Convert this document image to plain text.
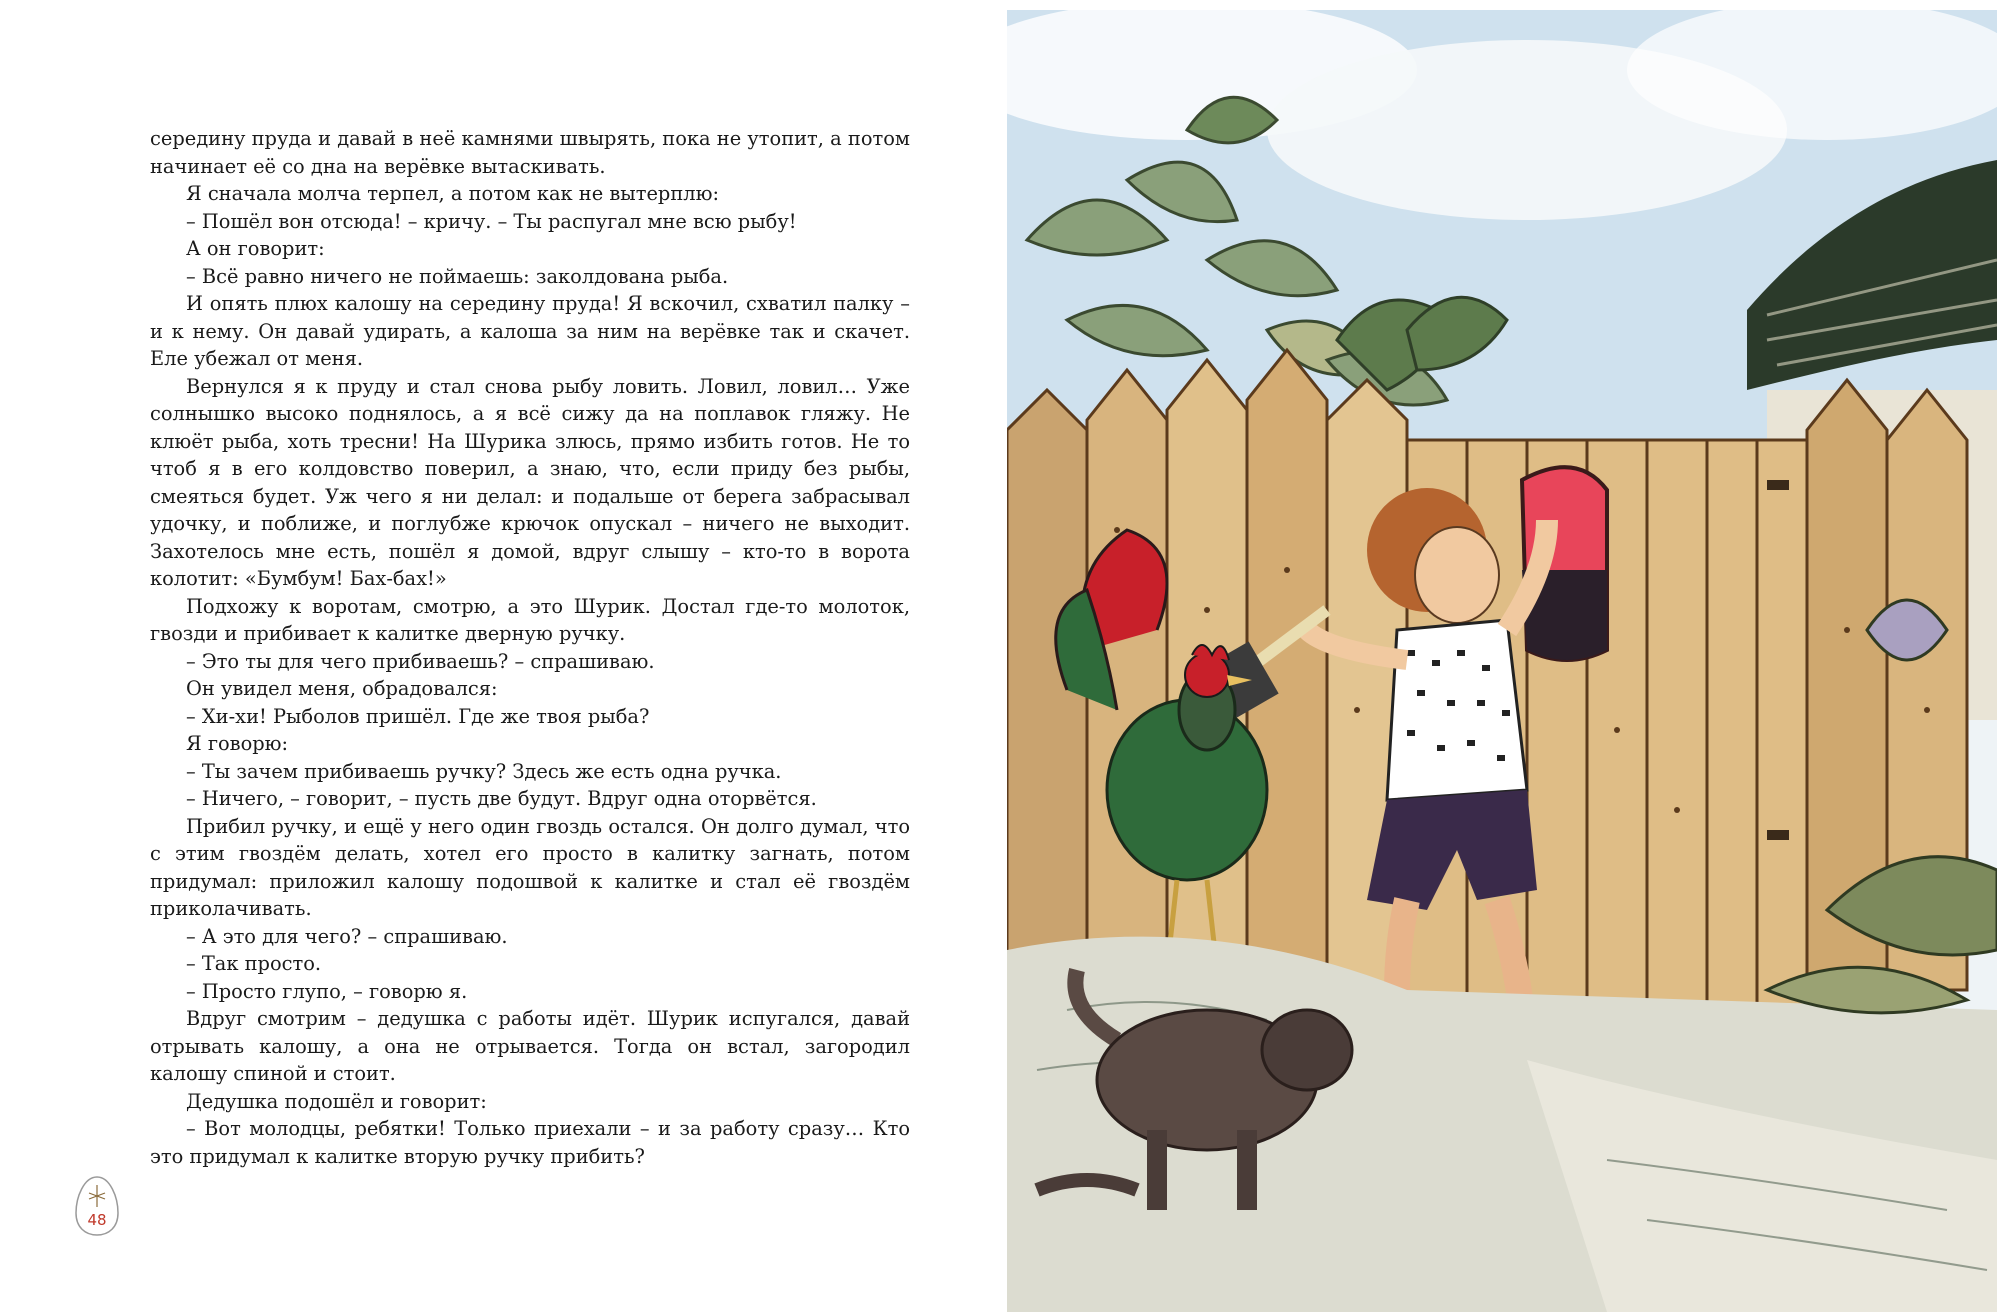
середину пруда и давай в неё камнями швырять, пока не утопит, а потом начинает её со дна на верёвке вытаскивать.

Я сначала молча терпел, а потом как не вытерплю:

– Пошёл вон отсюда! – кричу. – Ты распугал мне всю рыбу!

А он говорит:

– Всё равно ничего не поймаешь: заколдована рыба.

И опять плюх калошу на середину пруда! Я вскочил, схватил палку – и к нему. Он давай удирать, а калоша за ним на верёвке так и скачет. Еле убежал от меня.

Вернулся я к пруду и стал снова рыбу ловить. Ловил, ловил… Уже солнышко высоко поднялось, а я всё сижу да на поплавок гляжу. Не клюёт рыба, хоть тресни! На Шурика злюсь, прямо избить готов. Не то чтоб я в его колдовство поверил, а знаю, что, если приду без рыбы, смеяться будет. Уж чего я ни делал: и подальше от берега забрасывал удочку, и поближе, и поглубже крючок опускал – ничего не выходит. Захотелось мне есть, пошёл я домой, вдруг слышу – кто-то в ворота колотит: «Бумбум! Бах-бах!»

Подхожу к воротам, смотрю, а это Шурик. Достал где-то молоток, гвозди и прибивает к калитке дверную ручку.

– Это ты для чего прибиваешь? – спрашиваю.

Он увидел меня, обрадовался:

– Хи-хи! Рыболов пришёл. Где же твоя рыба?

Я говорю:

– Ты зачем прибиваешь ручку? Здесь же есть одна ручка.

– Ничего, – говорит, – пусть две будут. Вдруг одна оторвётся.

Прибил ручку, и ещё у него один гвоздь остался. Он долго думал, что с этим гвоздём делать, хотел его просто в калитку загнать, потом придумал: приложил калошу подошвой к калитке и стал её гвоздём приколачивать.

– А это для чего? – спрашиваю.

– Так просто.

– Просто глупо, – говорю я.

Вдруг смотрим – дедушка с работы идёт. Шурик испугался, давай отрывать калошу, а она не отрывается. Тогда он встал, загородил калошу спиной и стоит.

Дедушка подошёл и говорит:

– Вот молодцы, ребятки! Только приехали – и за работу сразу… Кто это придумал к калитке вторую ручку прибить?

48
